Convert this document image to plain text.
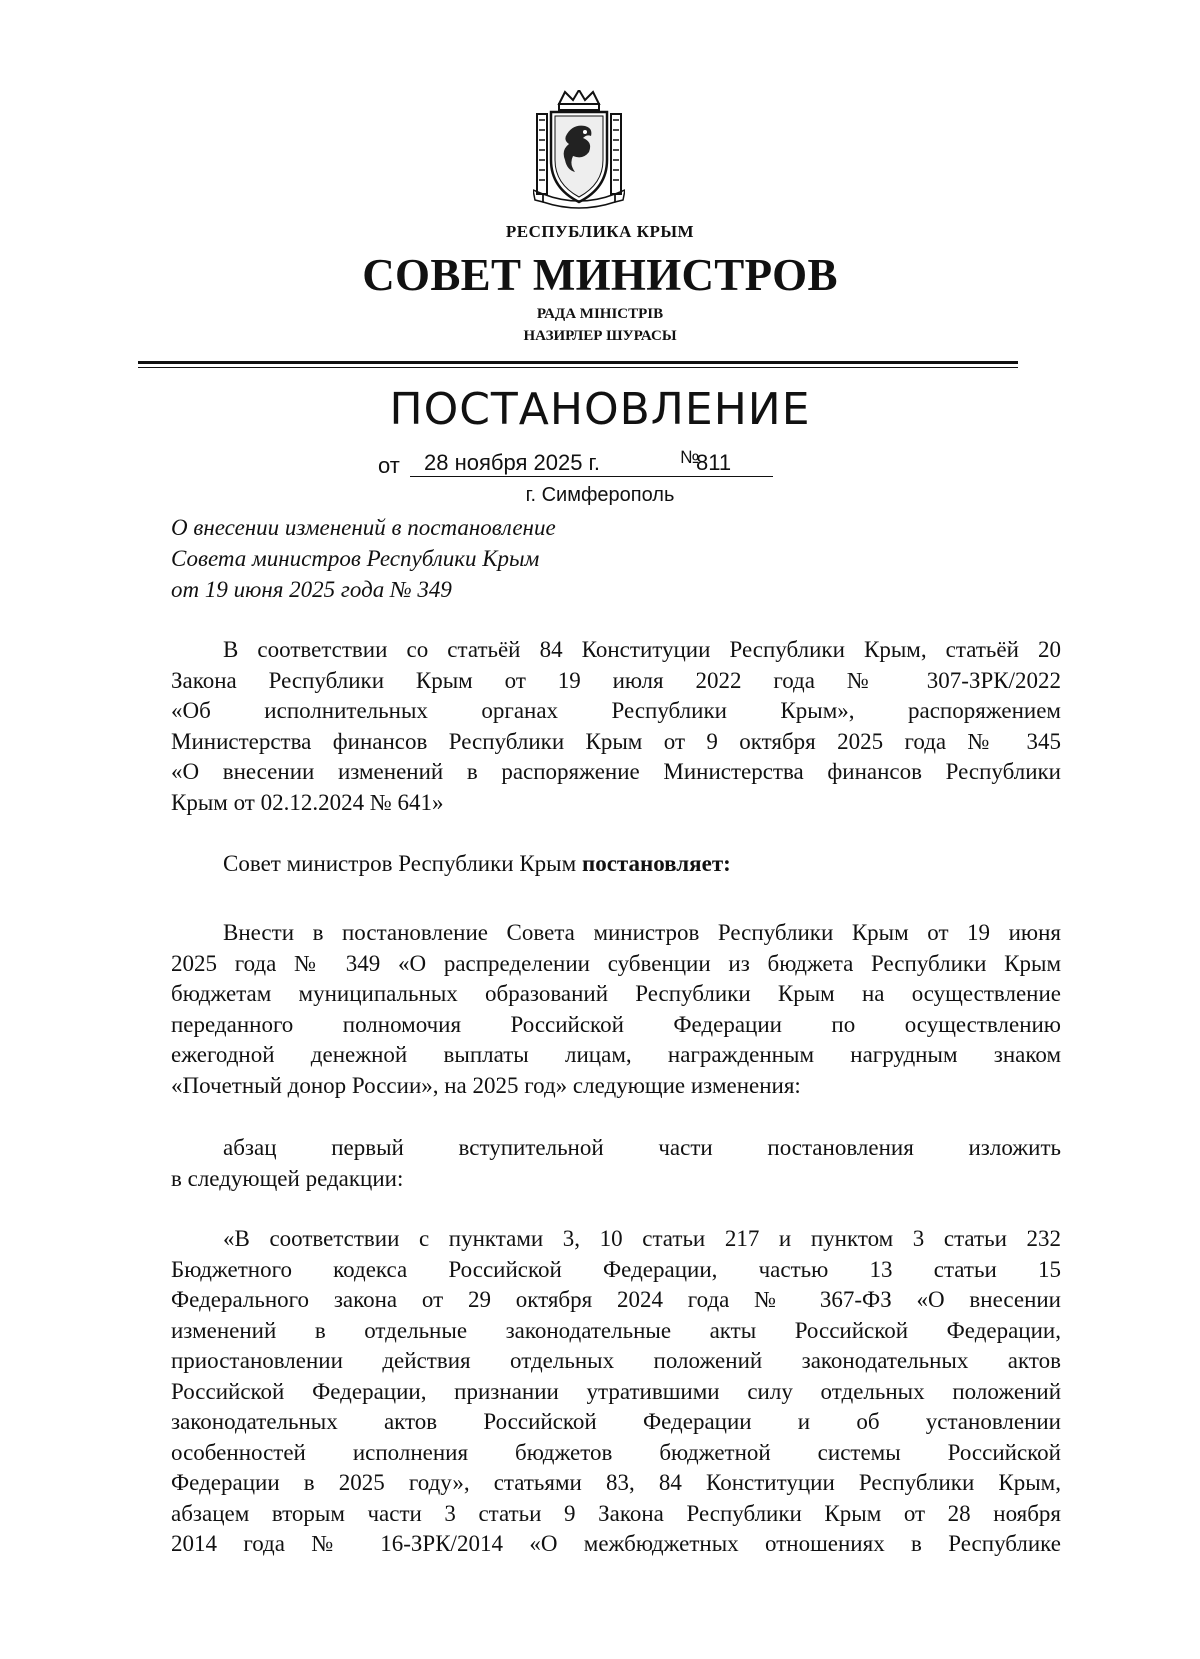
РЕСПУБЛИКА КРЫМ
СОВЕТ МИНИСТРОВ
РАДА МІНІСТРІВ
НАЗИРЛЕР ШУРАСЫ
ПОСТАНОВЛЕНИЕ
от 28 ноября 2025 г.	№
811
г. Симферополь
О внесении изменений в постановление
Совета министров Республики Крым
от 19 июня 2025 года № 349
В соответствии со статьёй 84 Конституции Республики Крым, статьёй 20
Закона Республики Крым от 19 июля 2022 года № 307-ЗРК/2022
«Об исполнительных органах Республики Крым», распоряжением
Министерства финансов Республики Крым от 9 октября 2025 года № 345
«О внесении изменений в распоряжение Министерства финансов Республики
Крым от 02.12.2024 № 641»
Совет министров Республики Крым постановляет:
Внести в постановление Совета министров Республики Крым от 19 июня
2025 года № 349 «О распределении субвенции из бюджета Республики Крым
бюджетам муниципальных образований Республики Крым на осуществление
переданного полномочия Российской Федерации по осуществлению
ежегодной денежной выплаты лицам, награжденным нагрудным знаком
«Почетный донор России», на 2025 год» следующие изменения:
абзац первый вступительной части постановления изложить
в следующей редакции:
«В соответствии с пунктами 3, 10 статьи 217 и пунктом 3 статьи 232
Бюджетного кодекса Российской Федерации, частью 13 статьи 15
Федерального закона от 29 октября 2024 года № 367-ФЗ «О внесении
изменений в отдельные законодательные акты Российской Федерации,
приостановлении действия отдельных положений законодательных актов
Российской Федерации, признании утратившими силу отдельных положений
законодательных актов Российской Федерации и об установлении
особенностей исполнения бюджетов бюджетной системы Российской
Федерации в 2025 году», статьями 83, 84 Конституции Республики Крым,
абзацем вторым части 3 статьи 9 Закона Республики Крым от 28 ноября
2014 года № 16-ЗРК/2014 «О межбюджетных отношениях в Республике
